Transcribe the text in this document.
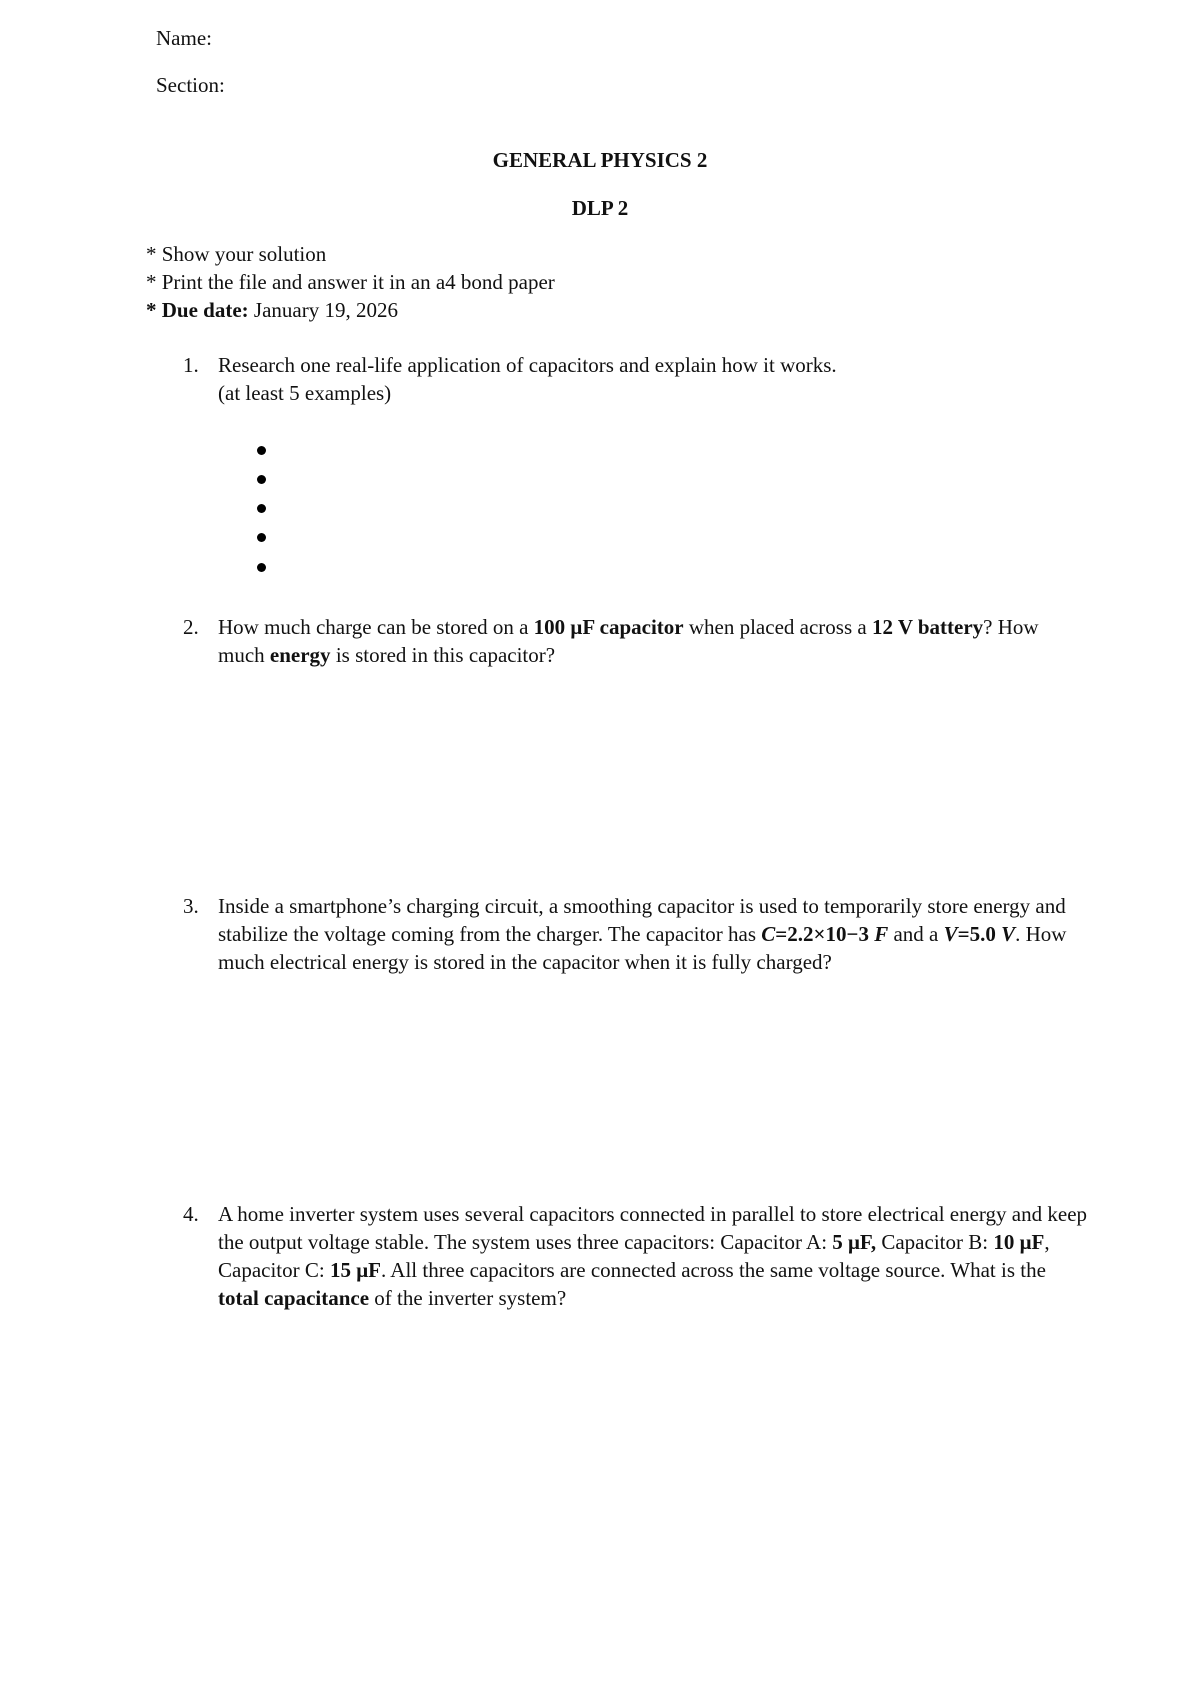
Name:
Section:
GENERAL PHYSICS 2
DLP 2
* Show your solution
* Print the file and answer it in an a4 bond paper
* Due date: January 19, 2026
1. Research one real-life application of capacitors and explain how it works.
(at least 5 examples)
2. How much charge can be stored on a 100 μF capacitor when placed across a 12 V battery? How much energy is stored in this capacitor?
3. Inside a smartphone’s charging circuit, a smoothing capacitor is used to temporarily store energy and stabilize the voltage coming from the charger. The capacitor has C=2.2×10−3 F and a V=5.0 V. How much electrical energy is stored in the capacitor when it is fully charged?
4. A home inverter system uses several capacitors connected in parallel to store electrical energy and keep the output voltage stable. The system uses three capacitors: Capacitor A: 5 μF, Capacitor B: 10 μF, Capacitor C: 15 μF. All three capacitors are connected across the same voltage source. What is the total capacitance of the inverter system?
